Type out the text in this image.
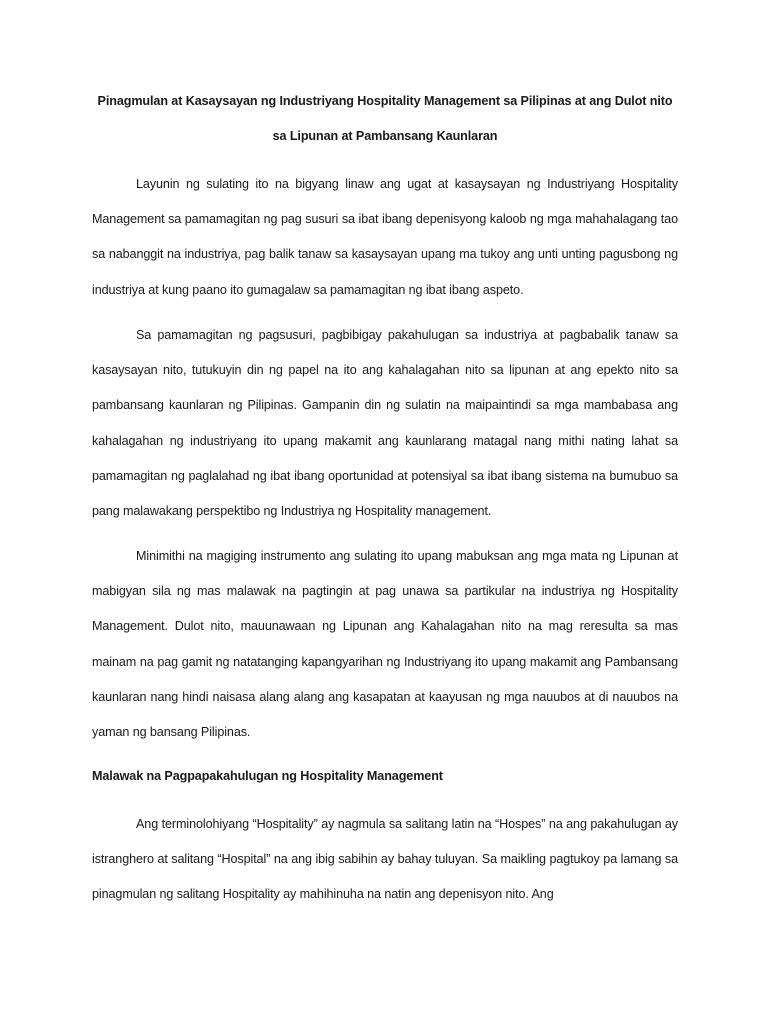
Pinagmulan at Kasaysayan ng Industriyang Hospitality Management sa Pilipinas at ang Dulot nito sa Lipunan at Pambansang Kaunlaran

Layunin ng sulating ito na bigyang linaw ang ugat at kasaysayan ng Industriyang Hospitality Management sa pamamagitan ng pag susuri sa ibat ibang depenisyong kaloob ng mga mahahalagang tao sa nabanggit na industriya, pag balik tanaw sa kasaysayan upang ma tukoy ang unti unting pagusbong ng industriya at kung paano ito gumagalaw sa pamamagitan ng ibat ibang aspeto.

Sa pamamagitan ng pagsusuri, pagbibigay pakahulugan sa industriya at pagbabalik tanaw sa kasaysayan nito, tutukuyin din ng papel na ito ang kahalagahan nito sa lipunan at ang epekto nito sa pambansang kaunlaran ng Pilipinas. Gampanin din ng sulatin na maipaintindi sa mga mambabasa ang kahalagahan ng industriyang ito upang makamit ang kaunlarang matagal nang mithi nating lahat sa pamamagitan ng paglalahad ng ibat ibang oportunidad at potensiyal sa ibat ibang sistema na bumubuo sa pang malawakang perspektibo ng Industriya ng Hospitality management.

Minimithi na magiging instrumento ang sulating ito upang mabuksan ang mga mata ng Lipunan at mabigyan sila ng mas malawak na pagtingin at pag unawa sa partikular na industriya ng Hospitality Management. Dulot nito, mauunawaan ng Lipunan ang Kahalagahan nito na mag reresulta sa mas mainam na pag gamit ng natatanging kapangyarihan ng Industriyang ito upang makamit ang Pambansang kaunlaran nang hindi naisasa alang alang ang kasapatan at kaayusan ng mga nauubos at di nauubos na yaman ng bansang Pilipinas.

Malawak na Pagpapakahulugan ng Hospitality Management

Ang terminolohiyang “Hospitality” ay nagmula sa salitang latin na “Hospes” na ang pakahulugan ay istranghero at salitang “Hospital” na ang ibig sabihin ay bahay tuluyan. Sa maikling pagtukoy pa lamang sa pinagmulan ng salitang Hospitality ay mahihinuha na natin ang depenisyon nito. Ang
